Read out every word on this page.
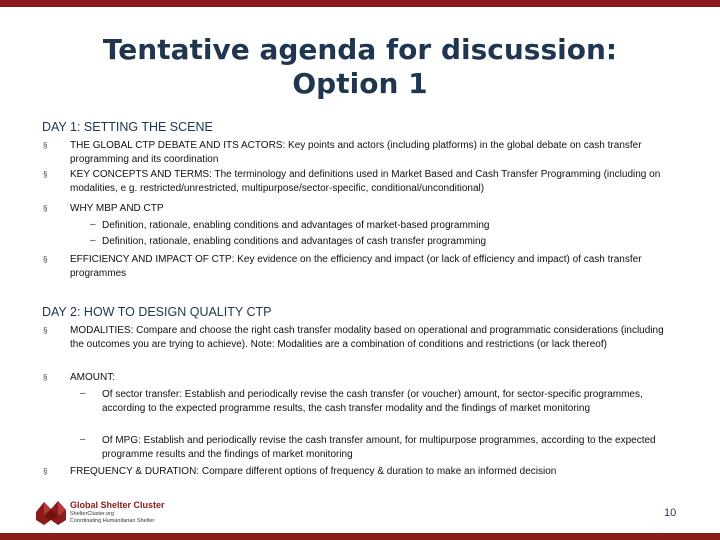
Tentative agenda for discussion:
Option 1
DAY 1: SETTING THE SCENE
§ THE GLOBAL CTP DEBATE AND ITS ACTORS: Key points and actors (including platforms) in the global debate on cash transfer programming and its coordination
§ KEY CONCEPTS AND TERMS: The terminology and definitions used in Market Based and Cash Transfer Programming (including on modalities, e g. restricted/unrestricted, multipurpose/sector-specific, conditional/unconditional)
§ WHY MBP AND CTP
– Definition, rationale, enabling conditions and advantages of market-based programming
– Definition, rationale, enabling conditions and advantages of cash transfer programming
§ EFFICIENCY AND IMPACT OF CTP: Key evidence on the efficiency and impact (or lack of efficiency and impact) of cash transfer programmes
DAY 2: HOW TO DESIGN QUALITY CTP
§ MODALITIES: Compare and choose the right cash transfer modality based on operational and programmatic considerations (including the outcomes you are trying to achieve). Note: Modalities are a combination of conditions and restrictions (or lack thereof)
§ AMOUNT:
– Of sector transfer: Establish and periodically revise the cash transfer (or voucher) amount, for sector-specific programmes, according to the expected programme results, the cash transfer modality and the findings of market monitoring
– Of MPG: Establish and periodically revise the cash transfer amount, for multipurpose programmes, according to the expected programme results and the findings of market monitoring
§ FREQUENCY & DURATION: Compare different options of frequency & duration to make an informed decision
Global Shelter Cluster
ShelterCluster.org
Coordinating Humanitarian Shelter
10
